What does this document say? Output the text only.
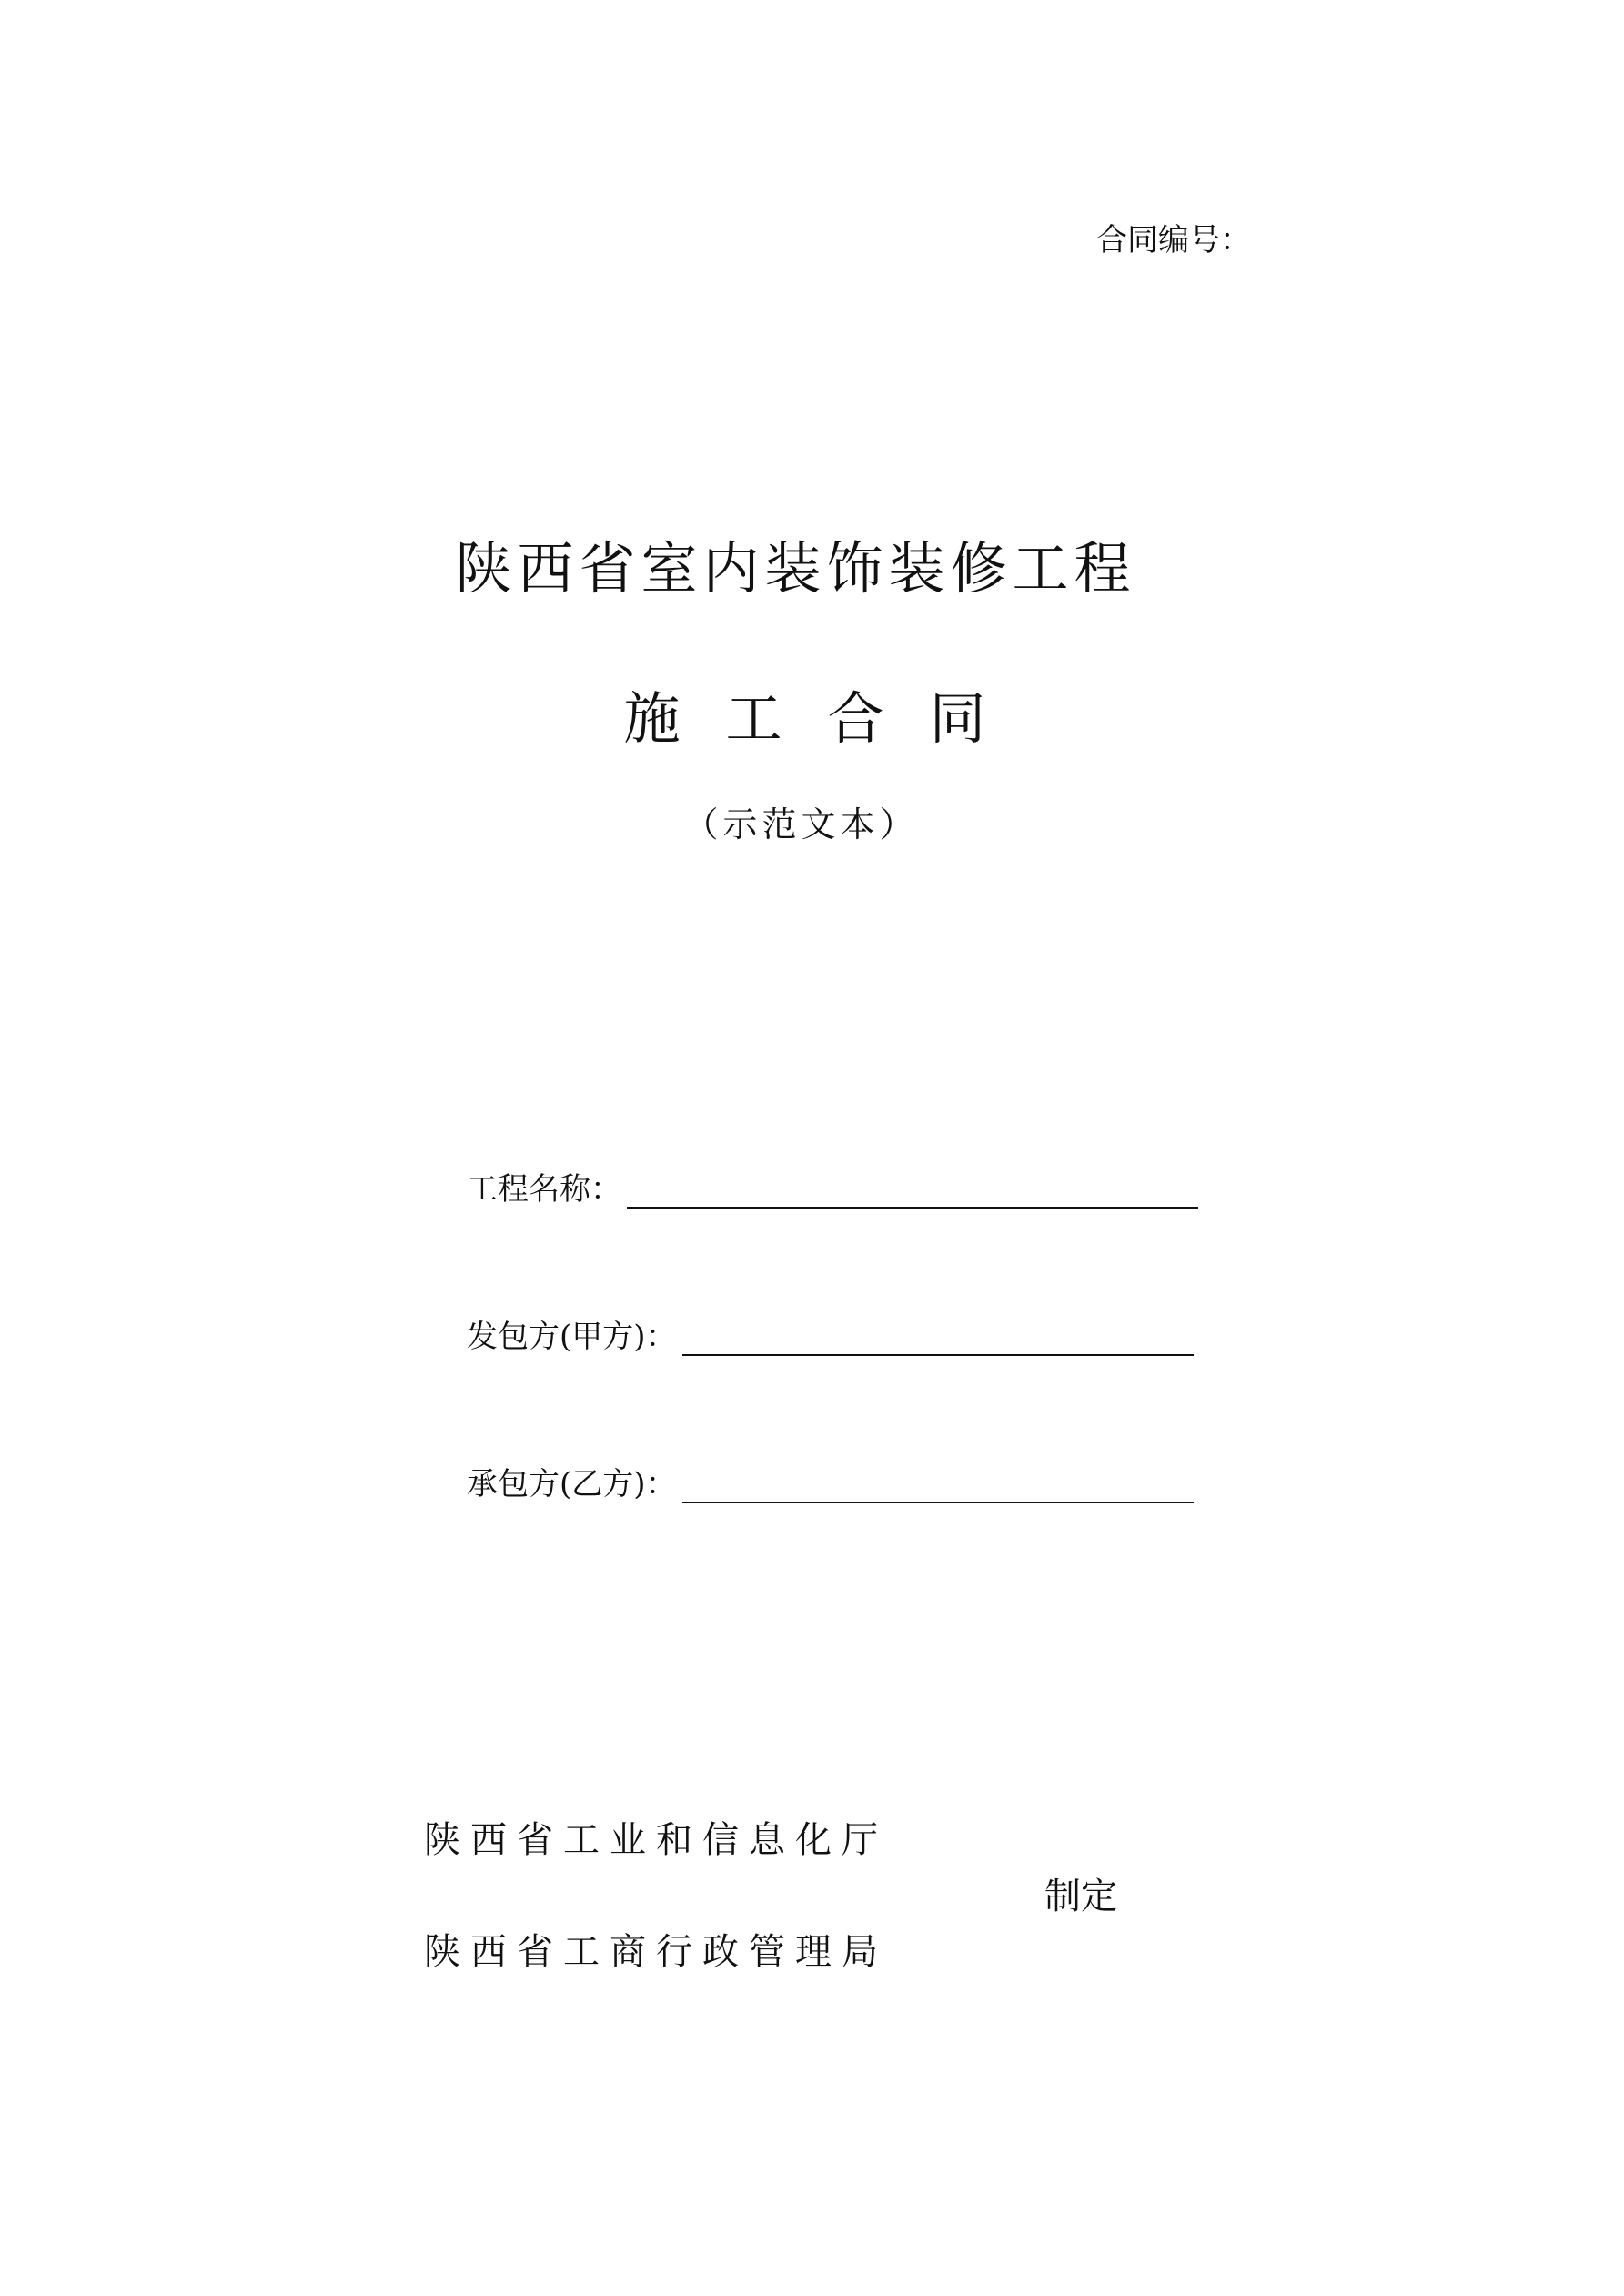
合同编号：
陕西省室内装饰装修工程
施工合同
（示范文本）
工程名称：
发包方(甲方)：
承包方(乙方)：
陕西省工业和信息化厅
制定
陕西省工商行政管理局
